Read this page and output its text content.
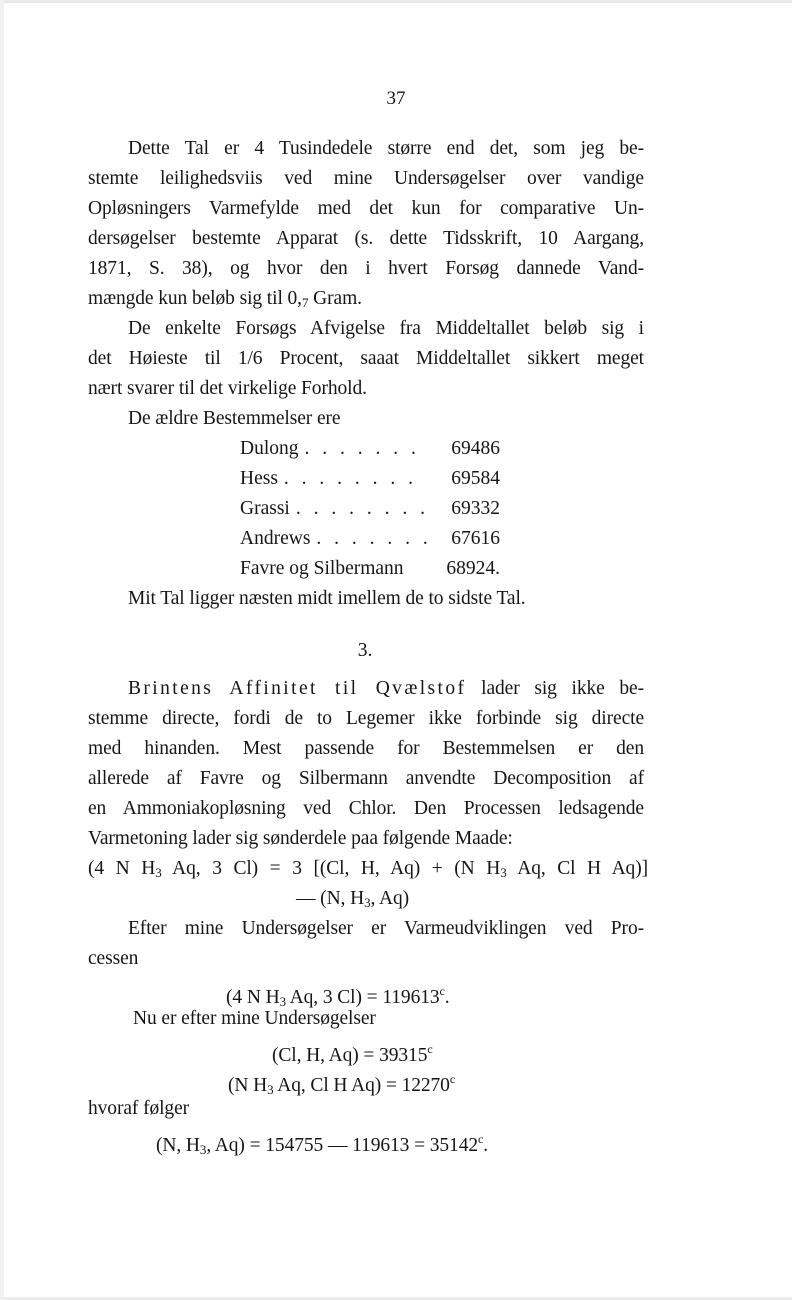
37
Dette Tal er 4 Tusindedele større end det, som jeg be-
stemte leilighedsviis ved mine Undersøgelser over vandige
Opløsningers Varmefylde med det kun for comparative Un-
dersøgelser bestemte Apparat (s. dette Tidsskrift, 10 Aargang,
1871, S. 38), og hvor den i hvert Forsøg dannede Vand-
mængde kun beløb sig til $0,_7$ Gram.
De enkelte Forsøgs Afvigelse fra Middeltallet beløb sig i
det Høieste til 1/6 Procent, saaat Middeltallet sikkert meget
nært svarer til det virkelige Forhold.
De ældre Bestemmelser ere
Dulong . . . . . . .	69486
Hess . . . . . . . .	69584
Grassi . . . . . . . .	69332
Andrews . . . . . . . 67616
Favre og Silbermann	68924.
Mit Tal ligger næsten midt imellem de to sidste Tal.
3.
Brintens Affinitet til Qvælstof lader sig ikke be-
stemme directe, fordi de to Legemer ikke forbinde sig directe
med hinanden. Mest passende for Bestemmelsen er den
allerede af Favre og Silbermann anvendte Decomposition af
en Ammoniakopløsning ved Chlor. Den Processen ledsagende
Varmetoning lader sig sønderdele paa følgende Maade:
(4 N $H_3$ Aq, 3 Cl) = 3 [(Cl, H, Aq) + (N $H_3$ Aq, Cl H Aq)]
— (N, $H_3$, Aq)
Efter mine Undersøgelser er Varmeudviklingen ved Pro-
cessen
(4 N $H_3$ Aq, 3 $Cl) = 119613^c$.
Nu er efter mine Undersøgelser
(Cl, H, $Aq) = 39315^c$
(N $H_3$ Aq, Cl H $Aq) = 12270^c$
hvoraf følger
(N, $H_3$, Aq) = 154755 — $119613 = 35142^c$.
